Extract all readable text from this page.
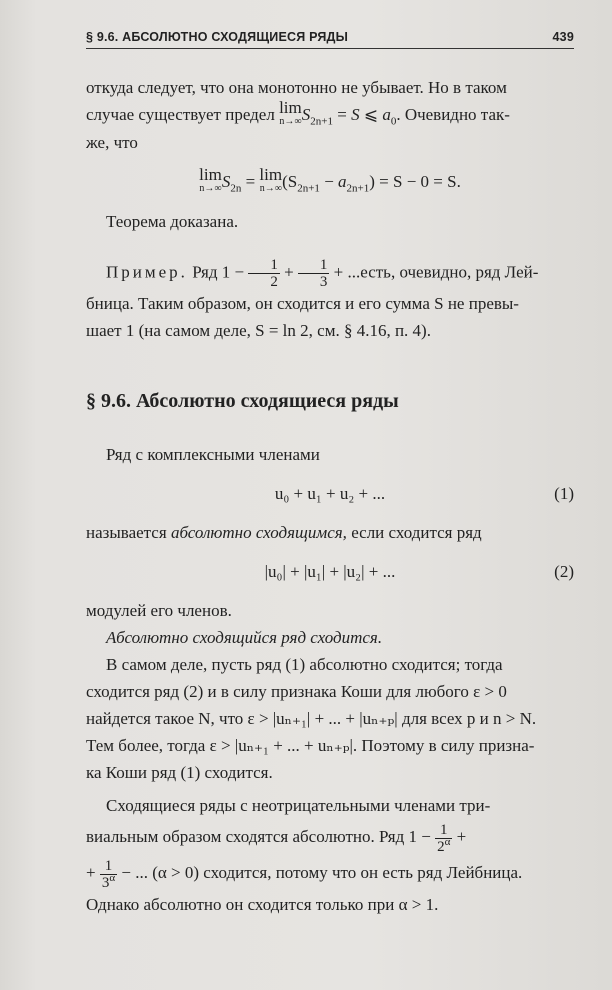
§ 9.6. АБСОЛЮТНО СХОДЯЩИЕСЯ РЯДЫ	439

откуда следует, что она монотонно не убывает. Но в таком

случае существует предел lim
n→∞ $S_{2n+1} = S$ ⩽ $a_0$. Очевидно так-

же, что

lim
n→∞ $S_{2n} = \lim$
n→∞ $(S_{2n+1} - a_{2n+1}) = S - 0 = S$.

Теорема доказана.

Пример. Ряд $1 - \frac{1}{2} + \frac{1}{3}$ + ...есть, очевидно, ряд Лей-

бница. Таким образом, он сходится и его сумма S не превы-

шает 1 (на самом деле, S = ln 2, см. § 4.16, п. 4).

§ 9.6. Абсолютно сходящиеся ряды

Ряд с комплексными членами

u₀ + u₁ + u₂ + ...	(1)

называется абсолютно сходящимся, если сходится ряд

|u₀| + |u₁| + |u₂| + ...	(2)

модулей его членов.

Абсолютно сходящийся ряд сходится.

В самом деле, пусть ряд (1) абсолютно сходится; тогда

сходится ряд (2) и в силу признака Коши для любого ε > 0

найдется такое N, что ε > |uₙ₊₁| + ... + |uₙ₊ₚ| для всех p и n > N.

Тем более, тогда ε > |uₙ₊₁ + ... + uₙ₊ₚ|. Поэтому в силу призна-

ка Коши ряд (1) сходится.

Сходящиеся ряды с неотрицательными членами три-

виальным образом сходятся абсолютно. Ряд $1 - \frac{1}{2^\alpha}$ +

+ $\frac{1}{3^\alpha}$ − ... (α > 0) сходится, потому что он есть ряд Лейбница.

Однако абсолютно он сходится только при α > 1.
